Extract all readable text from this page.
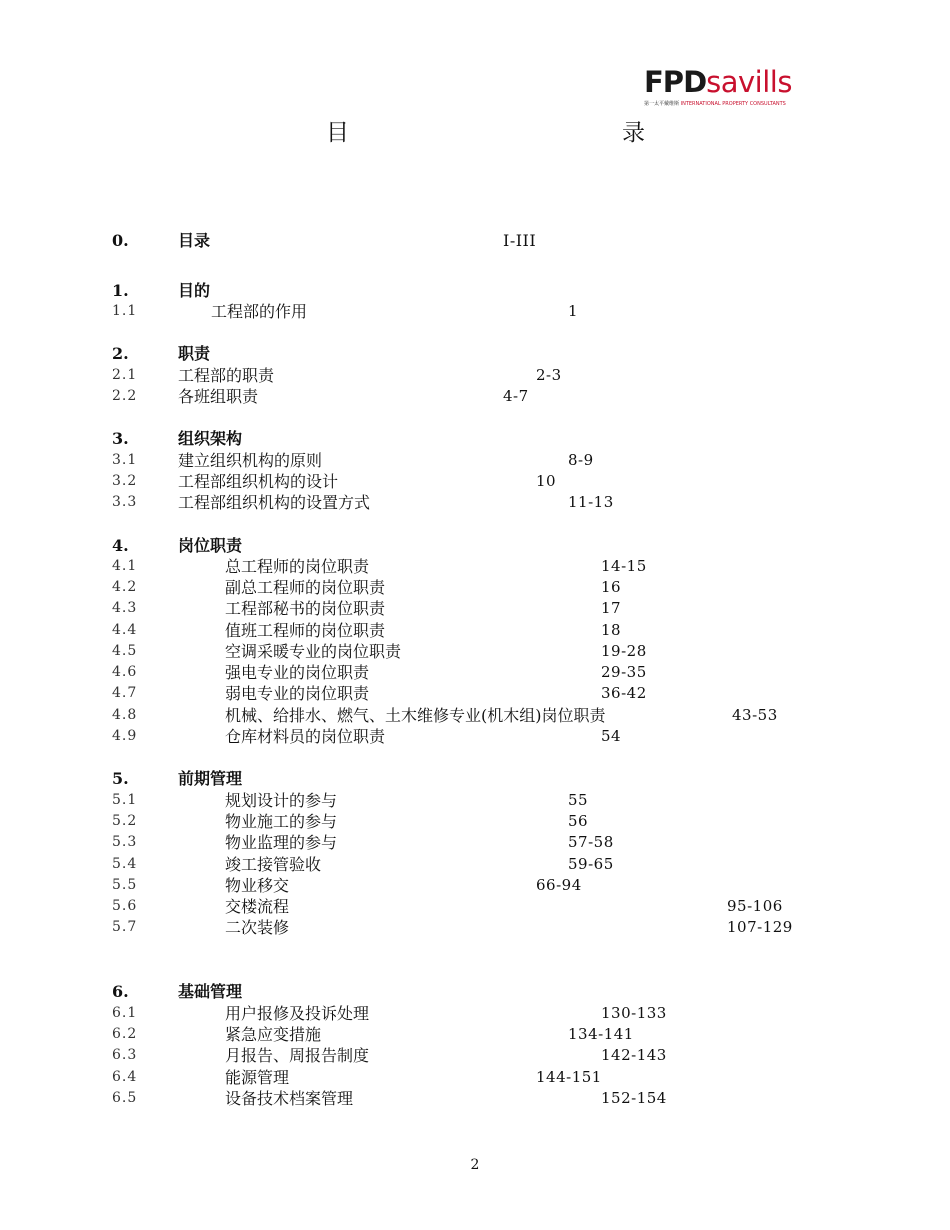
FPDsavills
第一太平戴维斯 INTERNATIONAL PROPERTY CONSULTANTS
目	录
0.	目录	I-III
1.	目的
1.1	工程部的作用	1
2.	职责
2.1	工程部的职责	2-3
2.2	各班组职责	4-7
3.	组织架构
3.1	建立组织机构的原则	8-9
3.2	工程部组织机构的设计	10
3.3	工程部组织机构的设置方式	11-13
4.	岗位职责
4.1	总工程师的岗位职责	14-15
4.2	副总工程师的岗位职责	16
4.3	工程部秘书的岗位职责	17
4.4	值班工程师的岗位职责	18
4.5	空调采暖专业的岗位职责	19-28
4.6	强电专业的岗位职责	29-35
4.7	弱电专业的岗位职责	36-42
4.8	机械、给排水、燃气、土木维修专业(机木组)岗位职责	43-53
4.9	仓库材料员的岗位职责	54
5.	前期管理
5.1	规划设计的参与	55
5.2	物业施工的参与	56
5.3	物业监理的参与	57-58
5.4	竣工接管验收	59-65
5.5	物业移交	66-94
5.6	交楼流程	95-106
5.7	二次装修	107-129
6.	基础管理
6.1	用户报修及投诉处理	130-133
6.2	紧急应变措施	134-141
6.3	月报告、周报告制度	142-143
6.4	能源管理	144-151
6.5	设备技术档案管理	152-154
2
